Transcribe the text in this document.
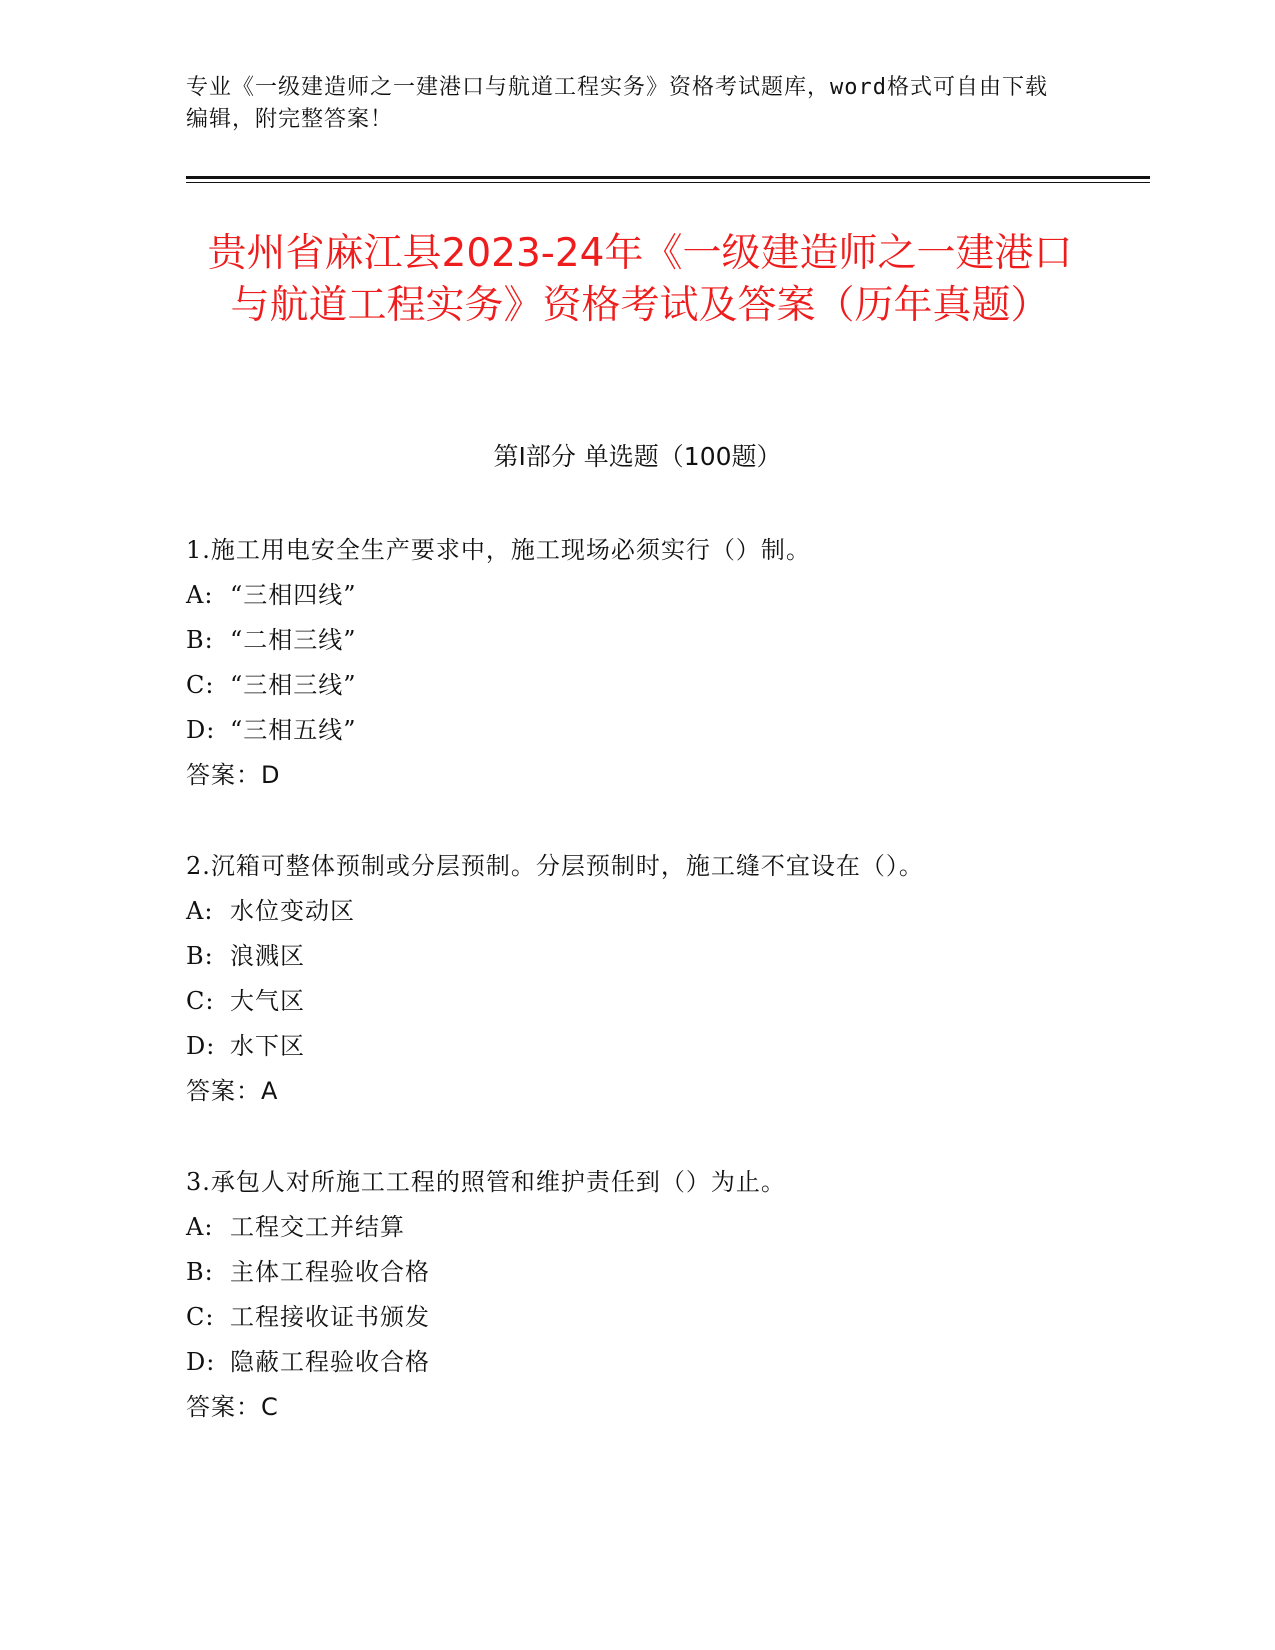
专业《一级建造师之一建港口与航道工程实务》资格考试题库，word格式可自由下载编辑，附完整答案！
贵州省麻江县2023-24年《一级建造师之一建港口与航道工程实务》资格考试及答案（历年真题）
第I部分 单选题（100题）
1.施工用电安全生产要求中，施工现场必须实行（）制。
A: “三相四线”
B: “二相三线”
C: “三相三线”
D: “三相五线”
答案：D
2.沉箱可整体预制或分层预制。分层预制时，施工缝不宜设在（）。
A: 水位变动区
B: 浪溅区
C: 大气区
D: 水下区
答案：A
3.承包人对所施工工程的照管和维护责任到（）为止。
A: 工程交工并结算
B: 主体工程验收合格
C: 工程接收证书颁发
D: 隐蔽工程验收合格
答案：C
